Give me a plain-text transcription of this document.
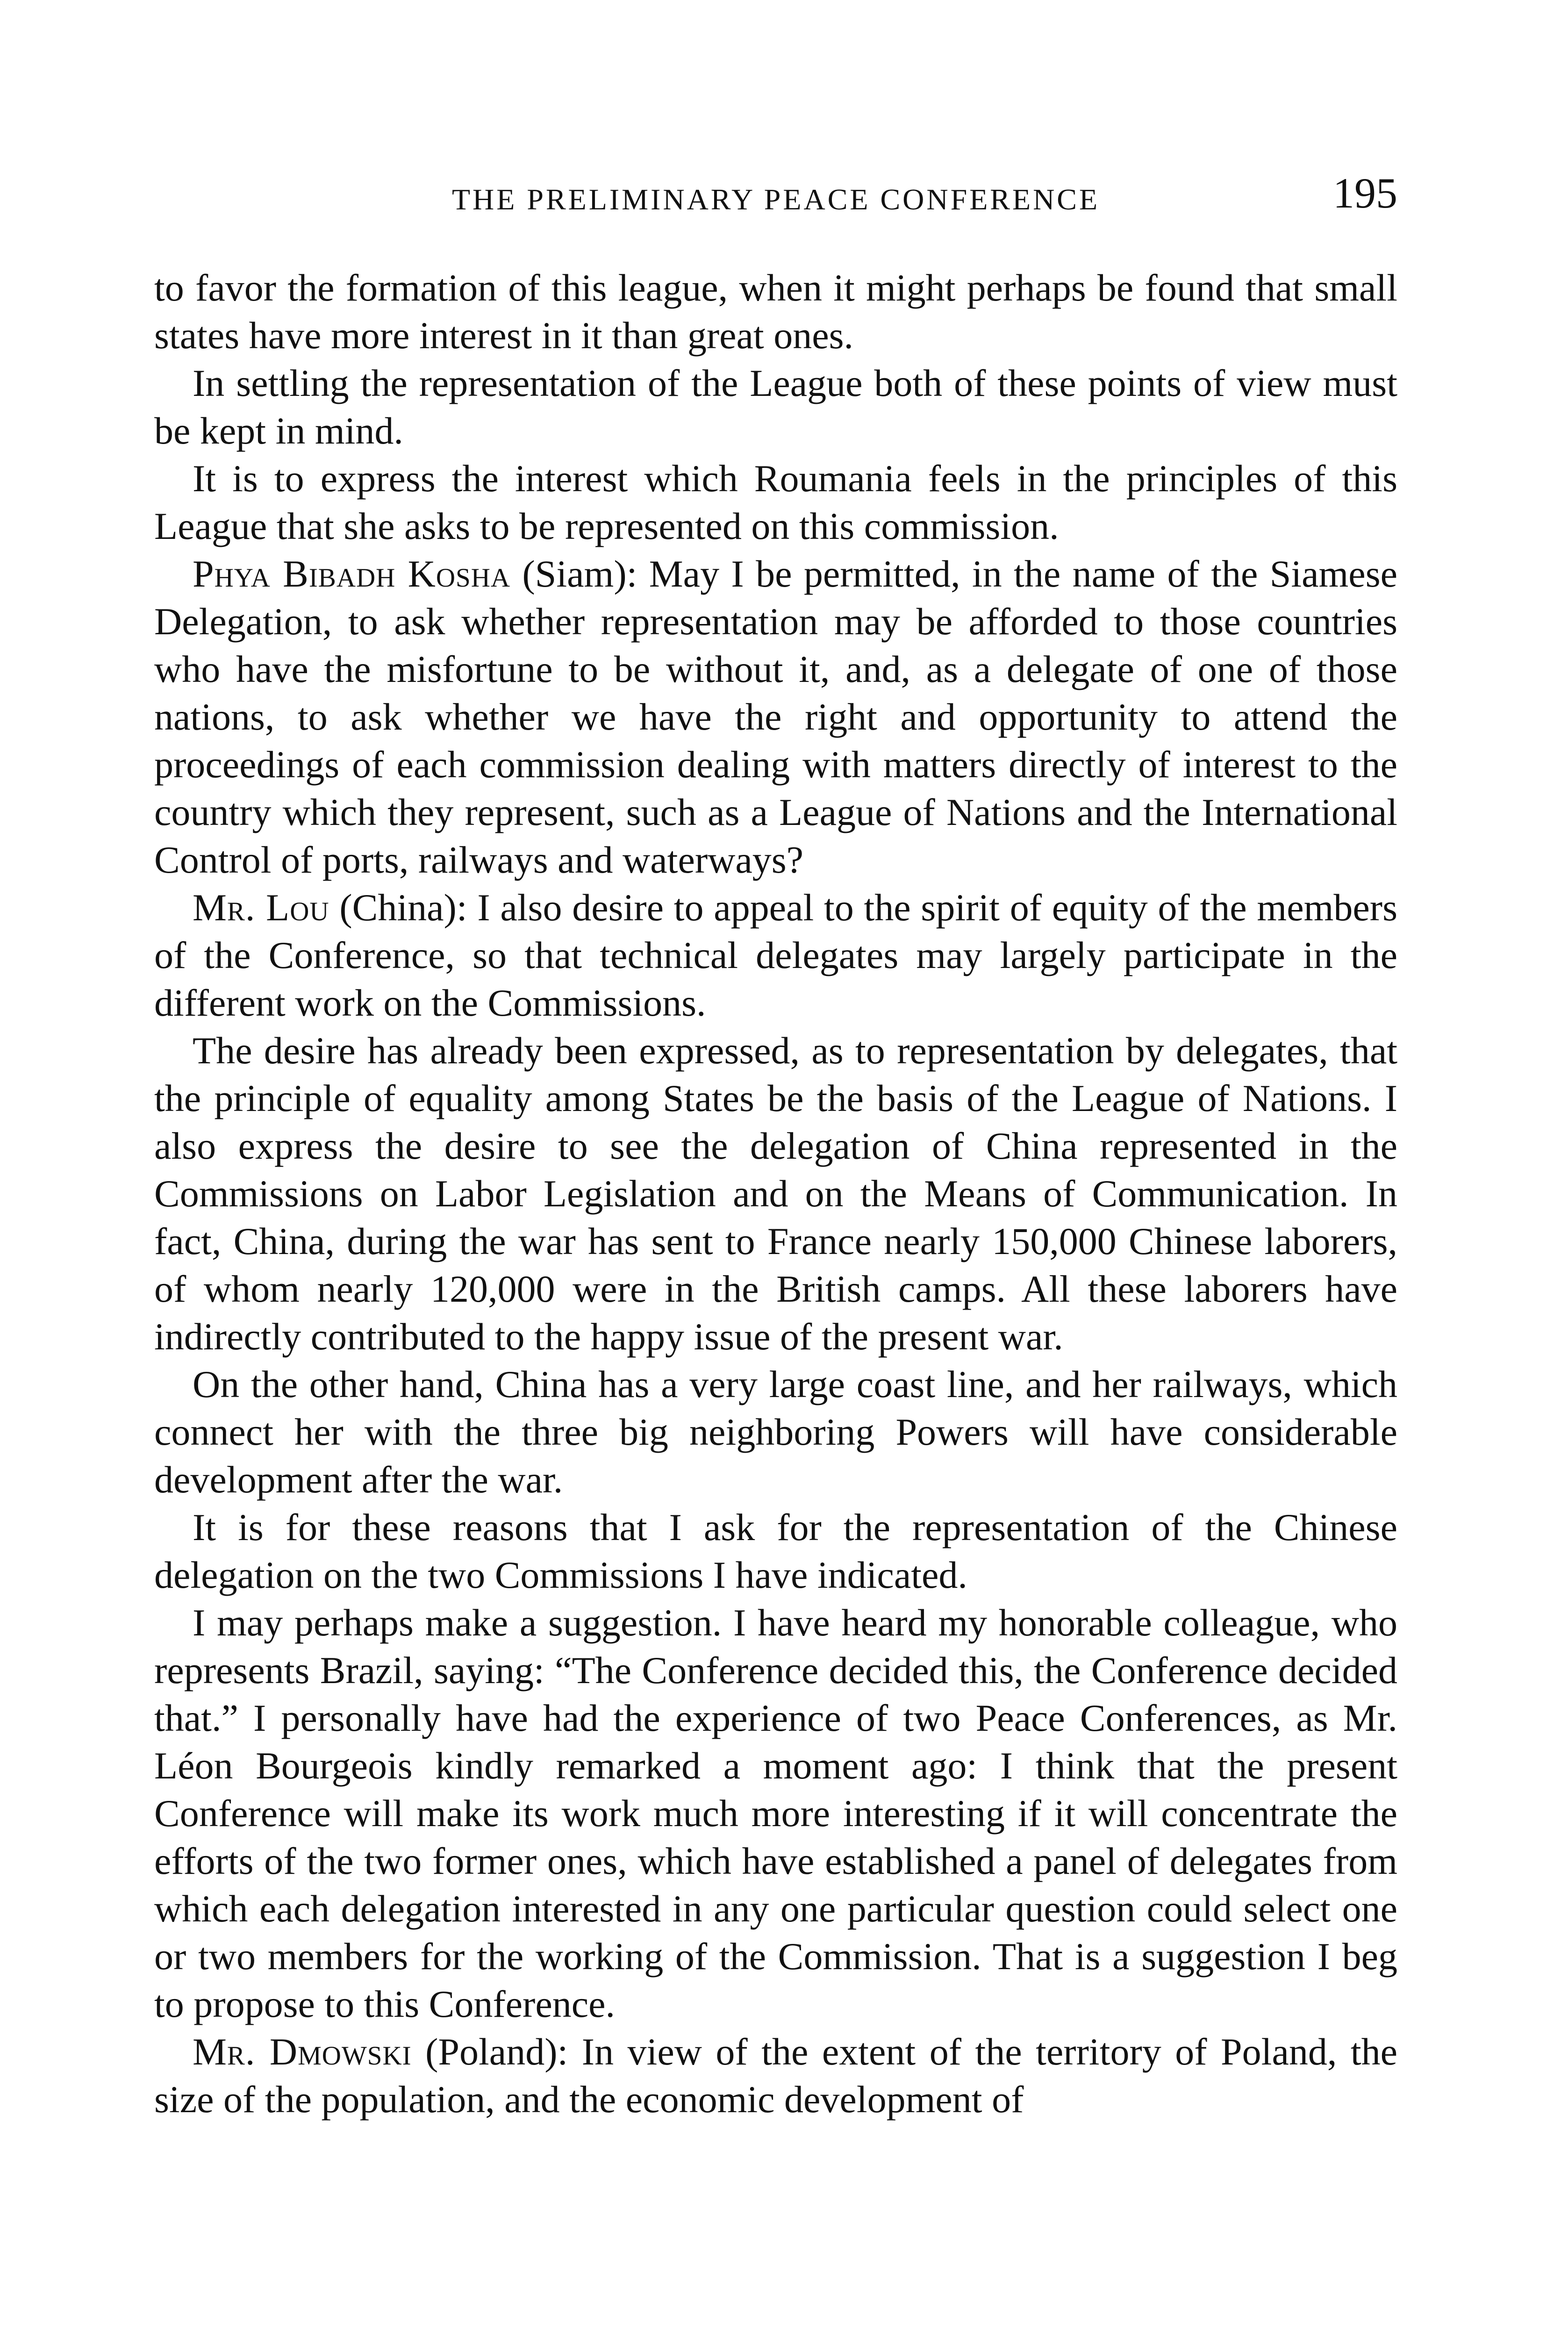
THE PRELIMINARY PEACE CONFERENCE	195

to favor the formation of this league, when it might perhaps be found that small states have more interest in it than great ones.

In settling the representation of the League both of these points of view must be kept in mind.

It is to express the interest which Roumania feels in the principles of this League that she asks to be represented on this commission.

Phya Bibadh Kosha (Siam): May I be permitted, in the name of the Siamese Delegation, to ask whether representation may be afforded to those countries who have the misfortune to be without it, and, as a delegate of one of those nations, to ask whether we have the right and opportunity to attend the proceedings of each commission dealing with matters directly of interest to the country which they represent, such as a League of Nations and the International Control of ports, railways and waterways?

Mr. Lou (China): I also desire to appeal to the spirit of equity of the members of the Conference, so that technical delegates may largely participate in the different work on the Commissions.

The desire has already been expressed, as to representation by delegates, that the principle of equality among States be the basis of the League of Nations. I also express the desire to see the delegation of China represented in the Commissions on Labor Legislation and on the Means of Communication. In fact, China, during the war has sent to France nearly 150,000 Chinese laborers, of whom nearly 120,000 were in the British camps. All these laborers have indirectly contributed to the happy issue of the present war.

On the other hand, China has a very large coast line, and her railways, which connect her with the three big neighboring Powers will have considerable development after the war.

It is for these reasons that I ask for the representation of the Chinese delegation on the two Commissions I have indicated.

I may perhaps make a suggestion. I have heard my honorable colleague, who represents Brazil, saying: “The Conference decided this, the Conference decided that.” I personally have had the experience of two Peace Conferences, as Mr. Léon Bourgeois kindly remarked a moment ago: I think that the present Conference will make its work much more interesting if it will concentrate the efforts of the two former ones, which have established a panel of delegates from which each delegation interested in any one particular question could select one or two members for the working of the Commission. That is a suggestion I beg to propose to this Conference.

Mr. Dmowski (Poland): In view of the extent of the territory of Poland, the size of the population, and the economic development of
